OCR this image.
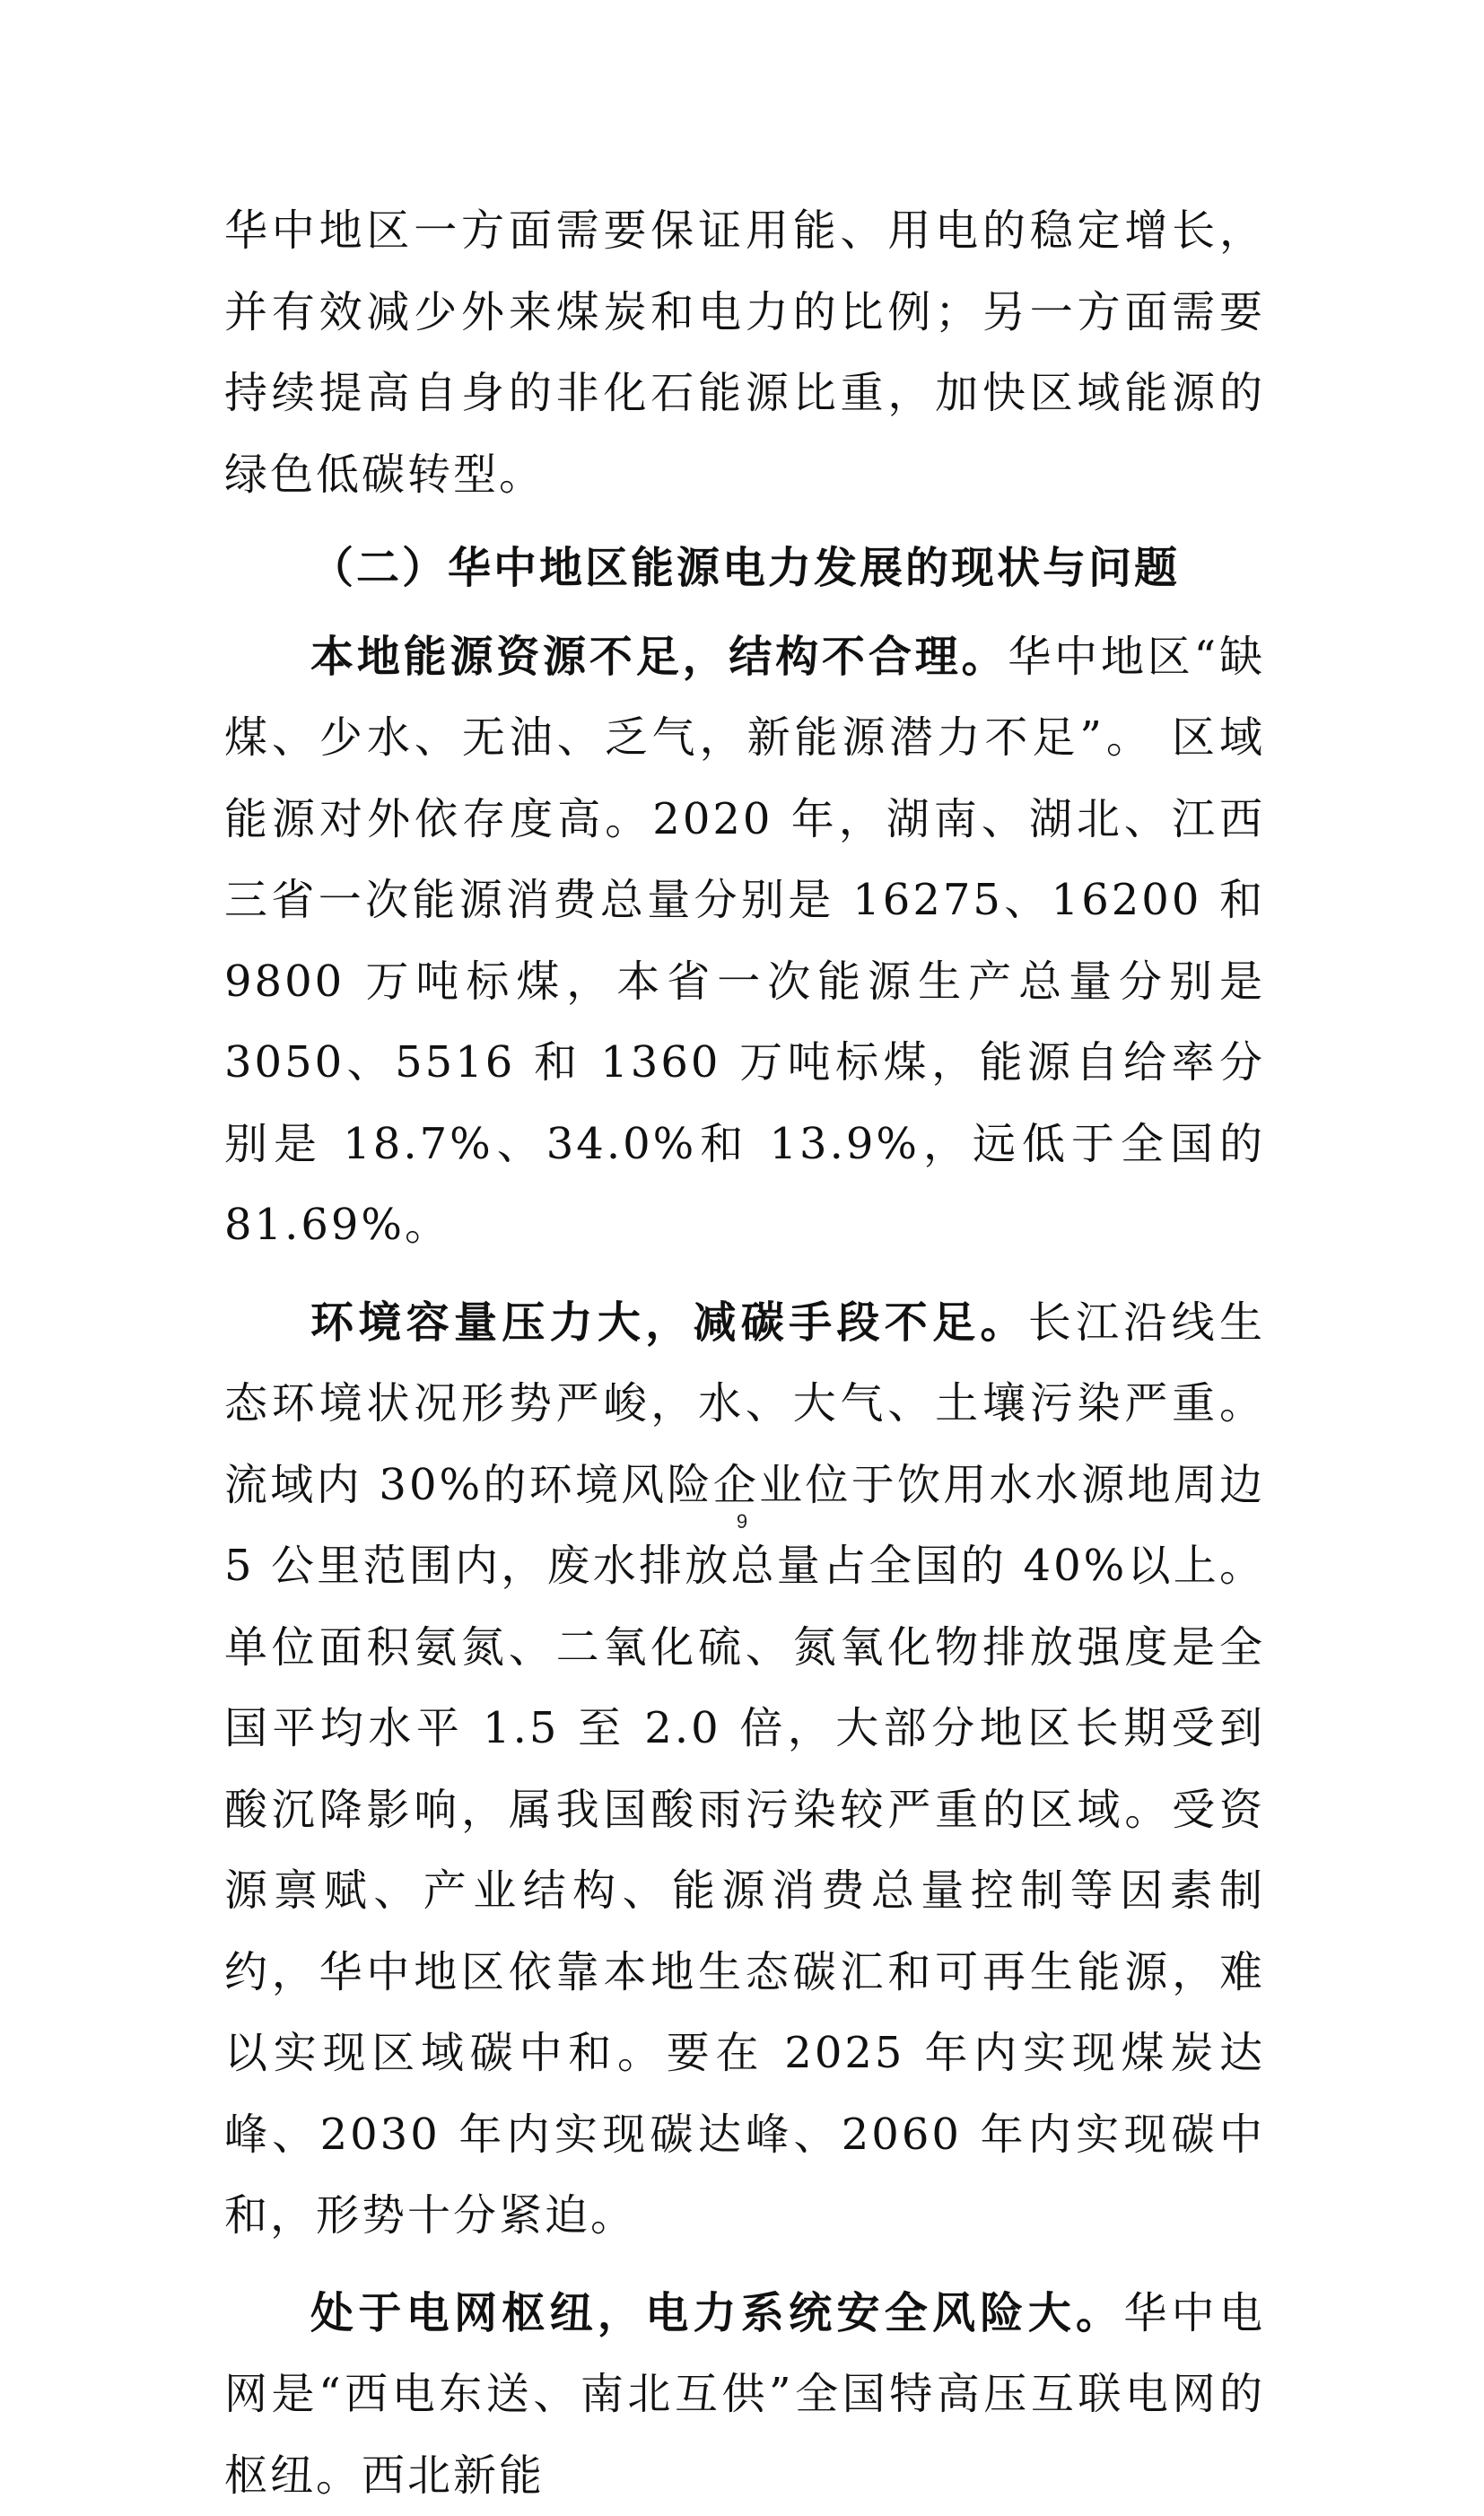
华中地区一方面需要保证用能、用电的稳定增长，并有效减少外来煤炭和电力的比例；另一方面需要持续提高自身的非化石能源比重，加快区域能源的绿色低碳转型。

（二）华中地区能源电力发展的现状与问题

本地能源资源不足，结构不合理。华中地区“缺煤、少水、无油、乏气，新能源潜力不足”。 区域能源对外依存度高。2020 年，湖南、湖北、江西三省一次能源消费总量分别是 16275、16200 和 9800 万吨标煤，本省一次能源生产总量分别是 3050、5516 和 1360 万吨标煤，能源自给率分别是 18.7%、34.0%和 13.9%，远低于全国的 81.69%。

环境容量压力大，减碳手段不足。长江沿线生态环境状况形势严峻，水、大气、土壤污染严重。流域内 30%的环境风险企业位于饮用水水源地周边 5 公里范围内，废水排放总量占全国的 40%以上。单位面积氨氮、二氧化硫、氮氧化物排放强度是全国平均水平 1.5 至 2.0 倍，大部分地区长期受到酸沉降影响，属我国酸雨污染较严重的区域。受资源禀赋、产业结构、能源消费总量控制等因素制约，华中地区依靠本地生态碳汇和可再生能源，难以实现区域碳中和。要在 2025 年内实现煤炭达峰、2030 年内实现碳达峰、2060 年内实现碳中和，形势十分紧迫。

处于电网枢纽，电力系统安全风险大。华中电网是“西电东送、南北互供”全国特高压互联电网的枢纽。西北新能

9
